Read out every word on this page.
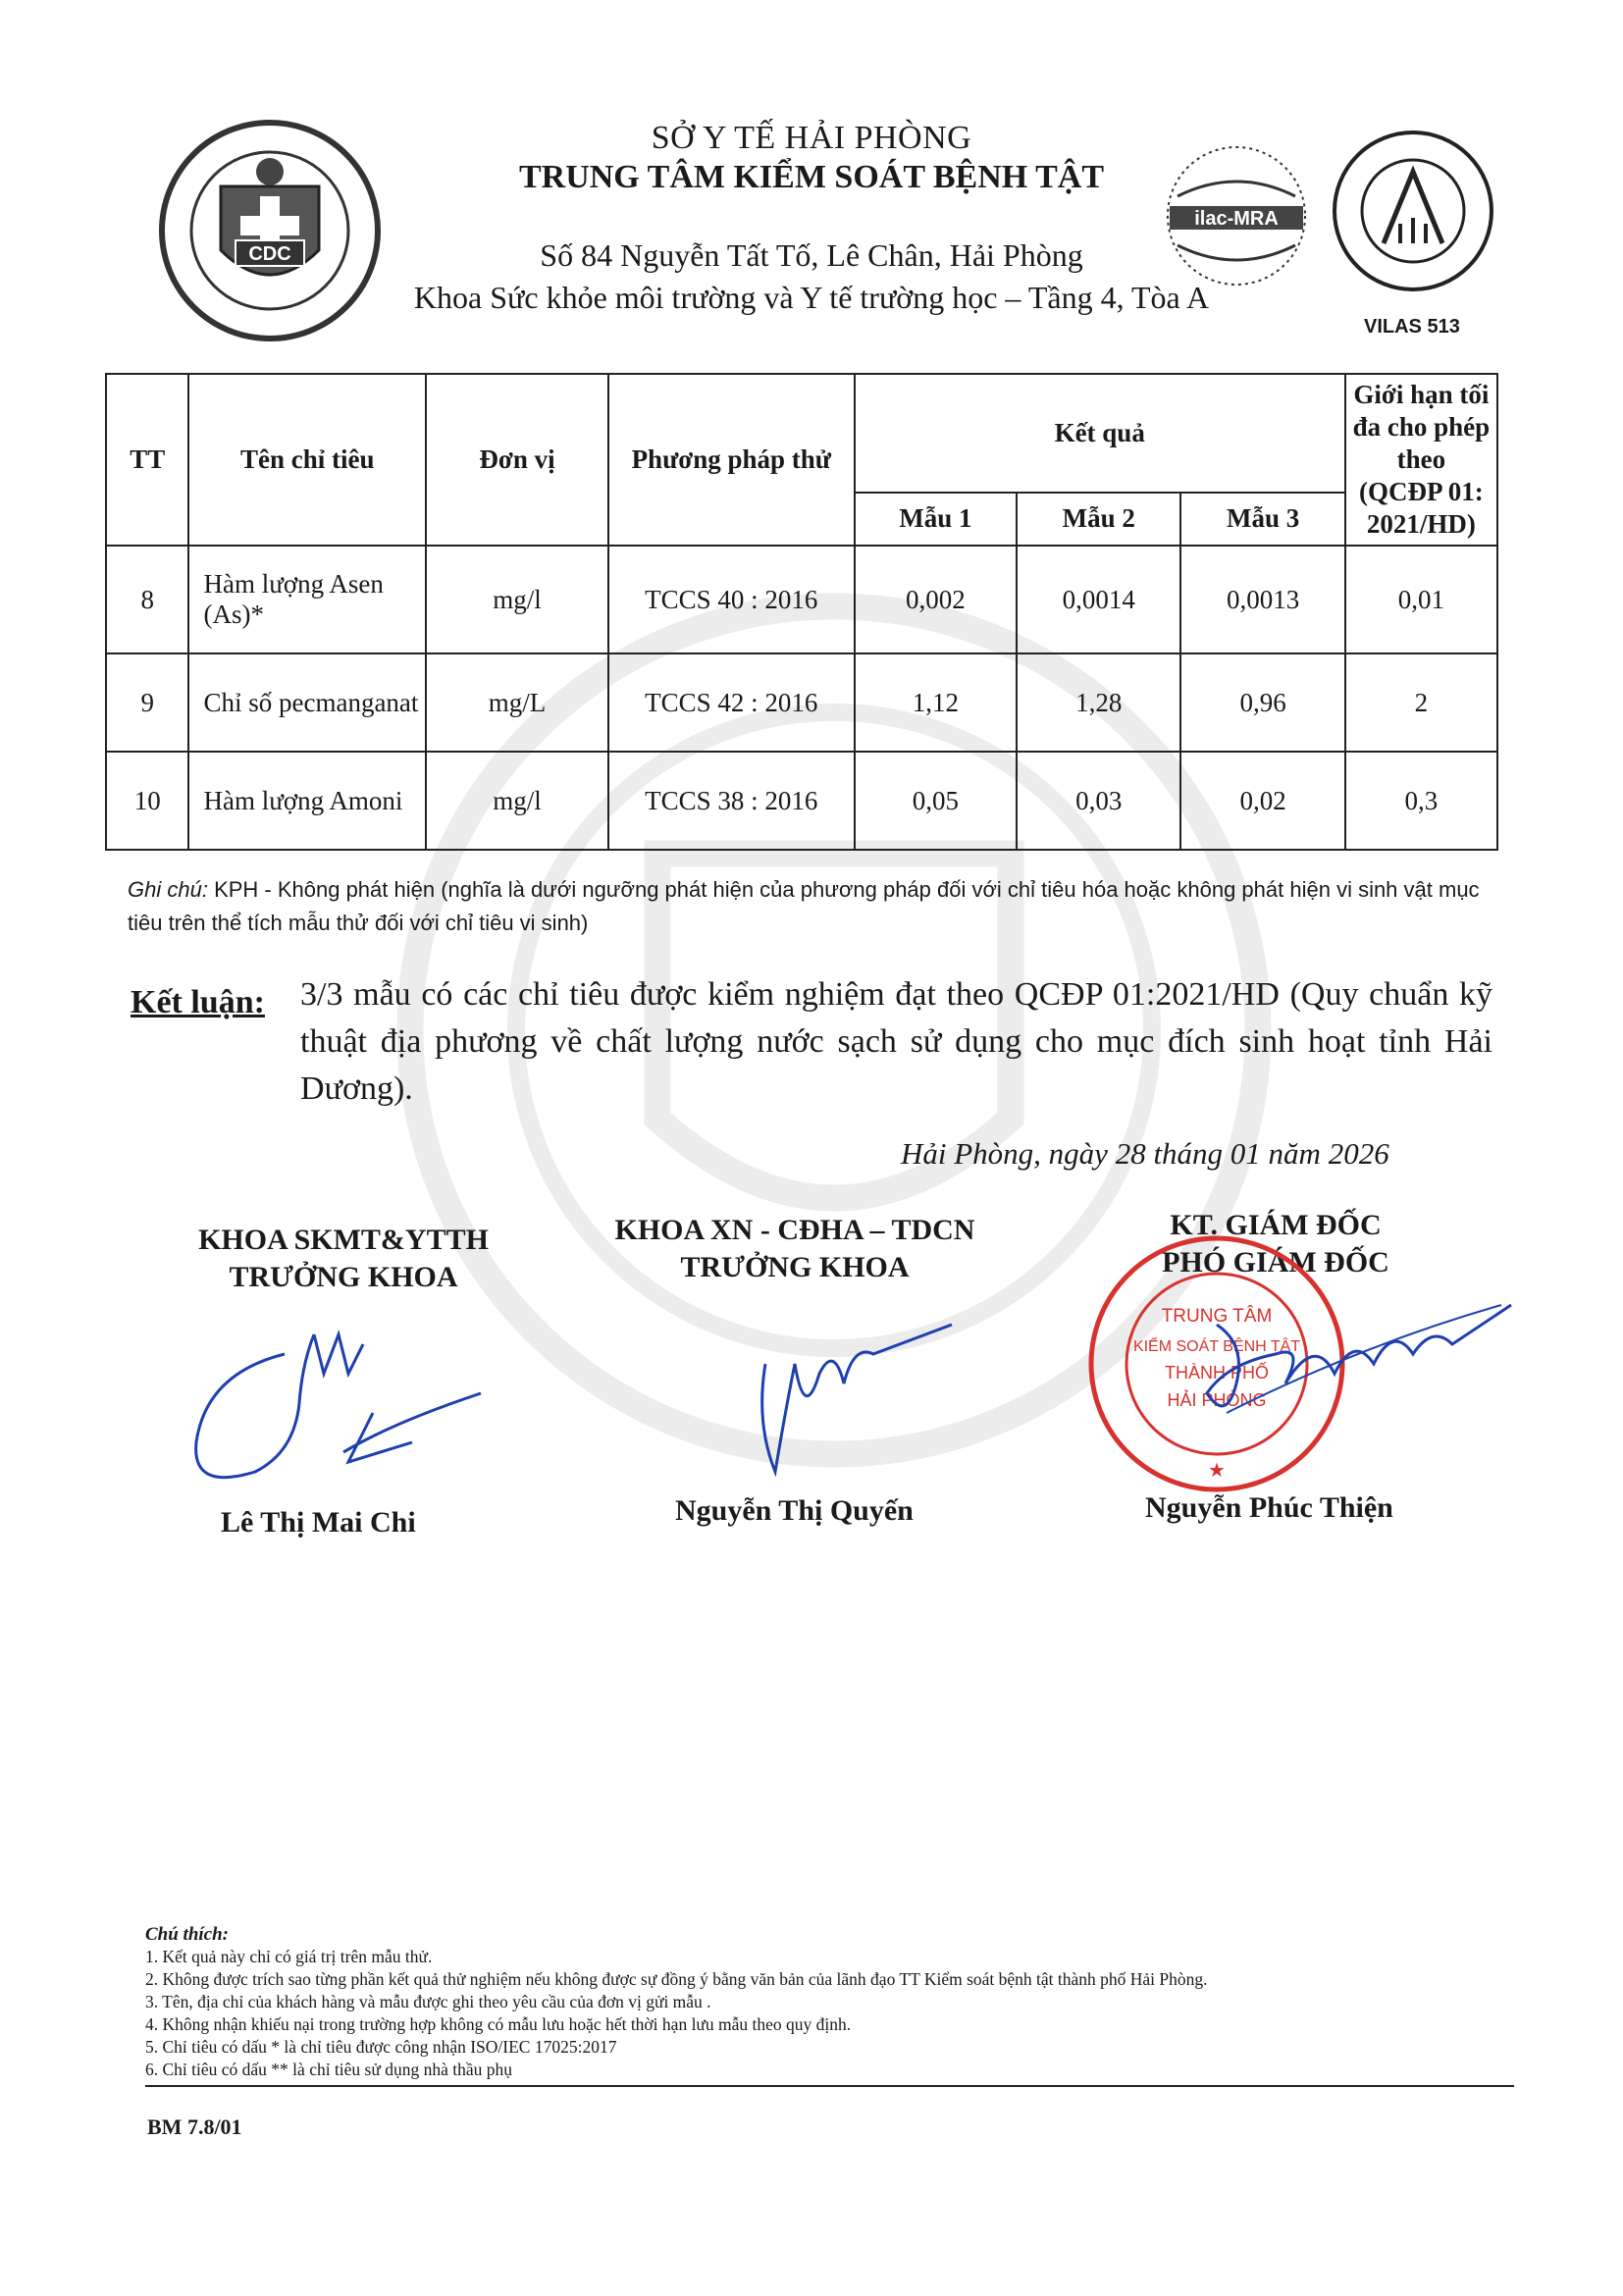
CDC
SỞ Y TẾ HẢI PHÒNG
TRUNG TÂM KIỂM SOÁT BỆNH TẬT
Số 84 Nguyễn Tất Tố, Lê Chân, Hải Phòng
Khoa Sức khỏe môi trường và Y tế trường học – Tầng 4, Tòa A
ilac-MRA
VILAS 513
TT	Tên chỉ tiêu	Đơn vị	Phương pháp thử	Kết quả			Giới hạn tối đa cho phép theo (QCĐP 01: 2021/HD)
				Mẫu 1	Mẫu 2	Mẫu 3	
8	Hàm lượng Asen (As)*	mg/l	TCCS 40 : 2016	0,002	0,0014	0,0013	0,01
9	Chỉ số pecmanganat	mg/L	TCCS 42 : 2016	1,12	1,28	0,96	2
10	Hàm lượng Amoni	mg/l	TCCS 38 : 2016	0,05	0,03	0,02	0,3
Ghi chú: KPH - Không phát hiện (nghĩa là dưới ngưỡng phát hiện của phương pháp đối với chỉ tiêu hóa hoặc không phát hiện vi sinh vật mục tiêu trên thể tích mẫu thử đối với chỉ tiêu vi sinh)
Kết luận: 3/3 mẫu có các chỉ tiêu được kiểm nghiệm đạt theo QCĐP 01:2021/HD (Quy chuẩn kỹ thuật địa phương về chất lượng nước sạch sử dụng cho mục đích sinh hoạt tỉnh Hải Dương).
Hải Phòng, ngày 28 tháng 01 năm 2026
KHOA SKMT&YTTH
TRƯỞNG KHOA
KHOA XN - CĐHA – TDCN
TRƯỞNG KHOA
KT. GIÁM ĐỐC
PHÓ GIÁM ĐỐC
TRUNG TÂM
KIỂM SOÁT BỆNH TẬT
THÀNH PHỐ
HẢI PHÒNG
★
Lê Thị Mai Chi	Nguyễn Thị Quyến	Nguyễn Phúc Thiện
Chú thích:
1. Kết quả này chỉ có giá trị trên mẫu thử.
2. Không được trích sao từng phần kết quả thử nghiệm nếu không được sự đồng ý bằng văn bản của lãnh đạo TT Kiểm soát bệnh tật thành phố Hải Phòng.
3. Tên, địa chỉ của khách hàng và mẫu được ghi theo yêu cầu của đơn vị gửi mẫu .
4. Không nhận khiếu nại trong trường hợp không có mẫu lưu hoặc hết thời hạn lưu mẫu theo quy định.
5. Chỉ tiêu có dấu * là chỉ tiêu được công nhận ISO/IEC 17025:2017
6. Chỉ tiêu có dấu ** là chỉ tiêu sử dụng nhà thầu phụ
BM 7.8/01
